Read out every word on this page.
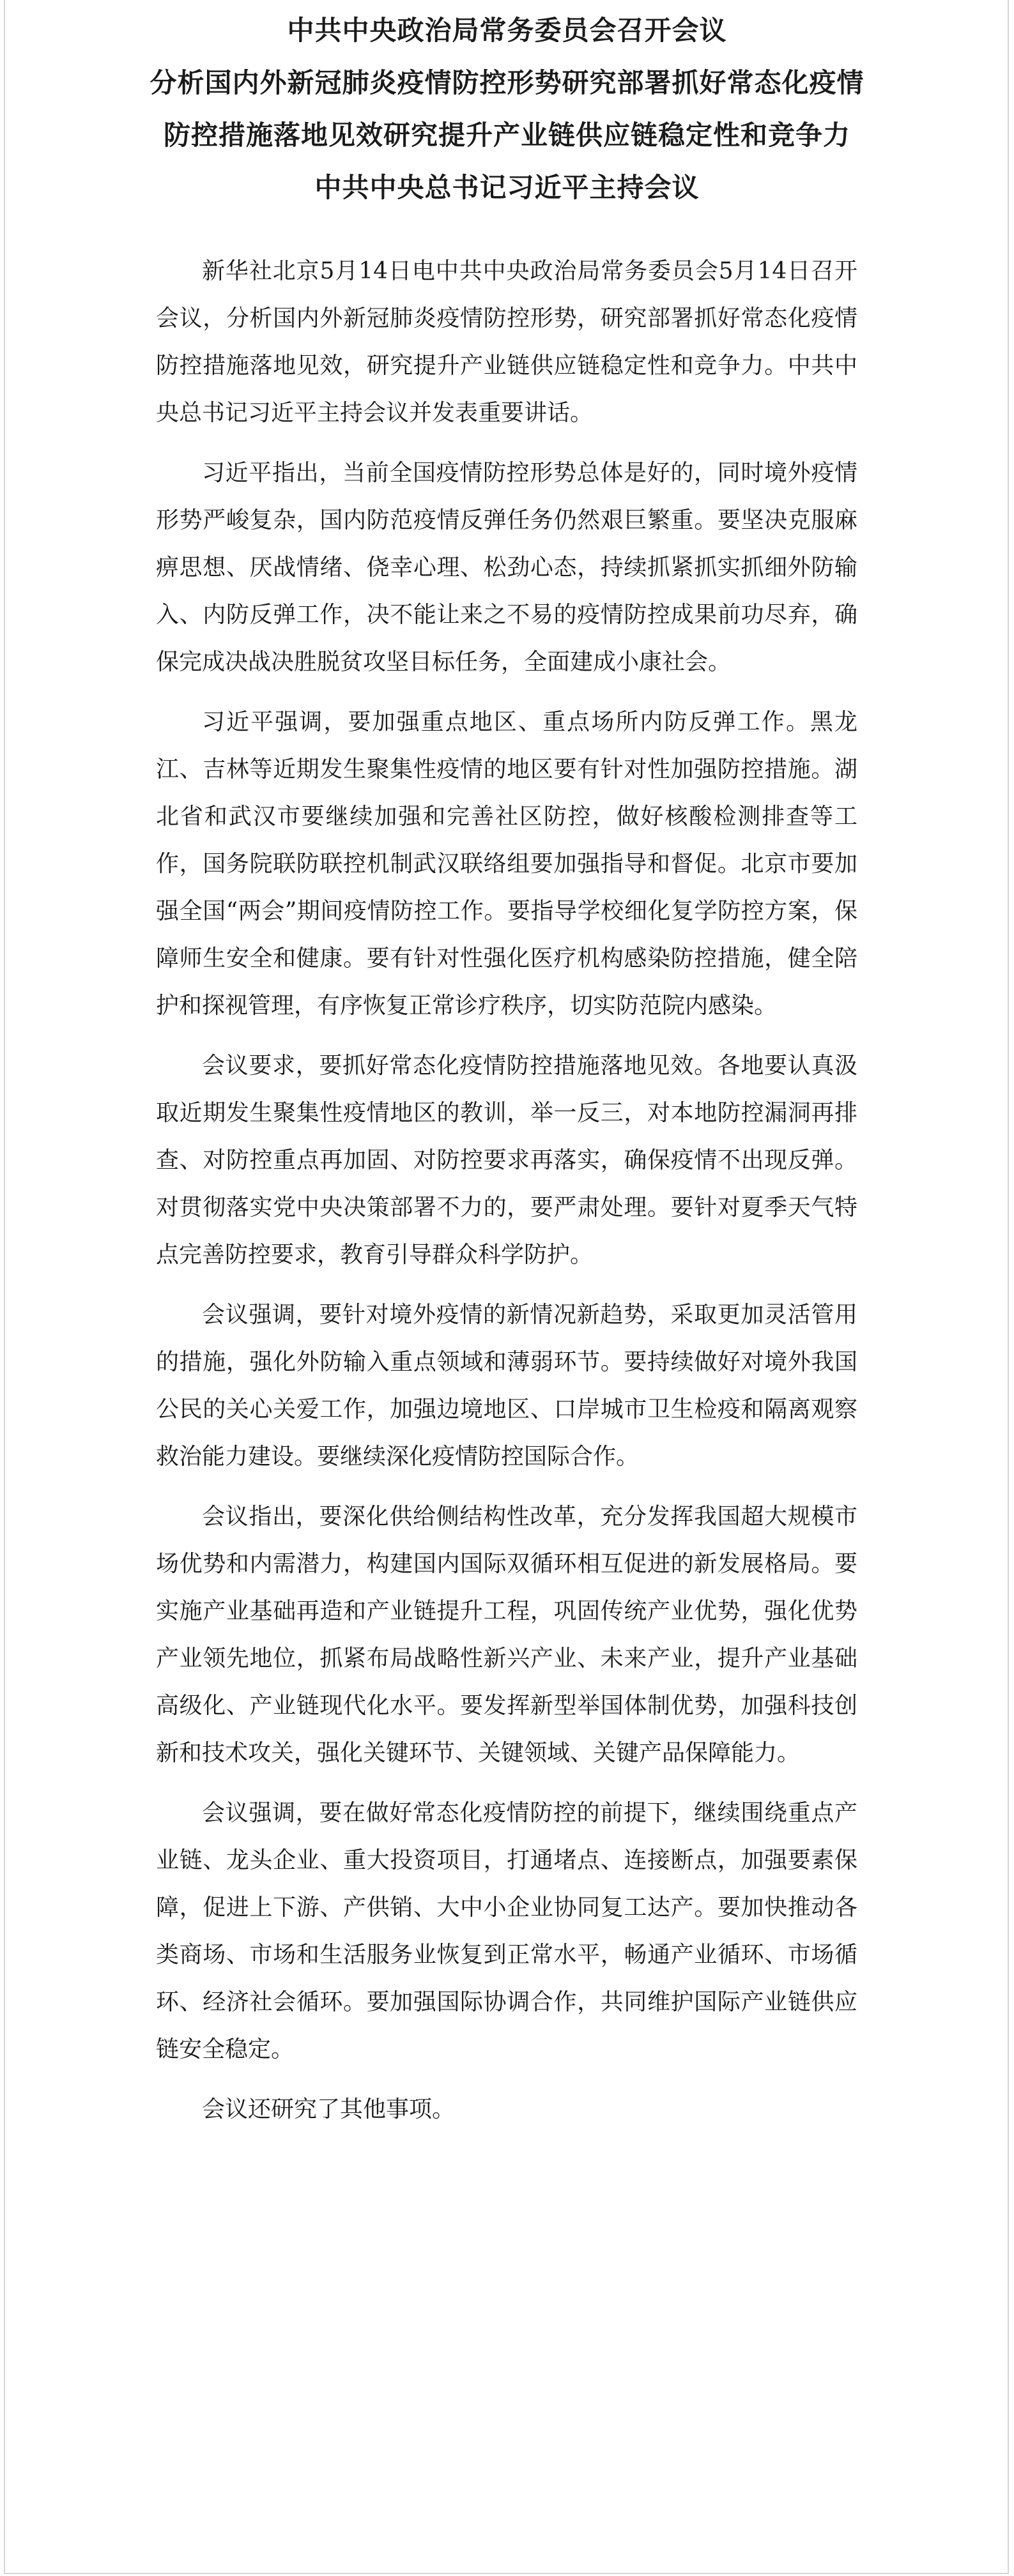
中共中央政治局常务委员会召开会议
分析国内外新冠肺炎疫情防控形势研究部署抓好常态化疫情
防控措施落地见效研究提升产业链供应链稳定性和竞争力
中共中央总书记习近平主持会议

新华社北京5月14日电中共中央政治局常务委员会5月14日召开会议，分析国内外新冠肺炎疫情防控形势，研究部署抓好常态化疫情防控措施落地见效，研究提升产业链供应链稳定性和竞争力。中共中央总书记习近平主持会议并发表重要讲话。

习近平指出，当前全国疫情防控形势总体是好的，同时境外疫情形势严峻复杂，国内防范疫情反弹任务仍然艰巨繁重。要坚决克服麻痹思想、厌战情绪、侥幸心理、松劲心态，持续抓紧抓实抓细外防输入、内防反弹工作，决不能让来之不易的疫情防控成果前功尽弃，确保完成决战决胜脱贫攻坚目标任务，全面建成小康社会。

习近平强调，要加强重点地区、重点场所内防反弹工作。黑龙江、吉林等近期发生聚集性疫情的地区要有针对性加强防控措施。湖北省和武汉市要继续加强和完善社区防控，做好核酸检测排查等工作，国务院联防联控机制武汉联络组要加强指导和督促。北京市要加强全国“两会”期间疫情防控工作。要指导学校细化复学防控方案，保障师生安全和健康。要有针对性强化医疗机构感染防控措施，健全陪护和探视管理，有序恢复正常诊疗秩序，切实防范院内感染。

会议要求，要抓好常态化疫情防控措施落地见效。各地要认真汲取近期发生聚集性疫情地区的教训，举一反三，对本地防控漏洞再排查、对防控重点再加固、对防控要求再落实，确保疫情不出现反弹。对贯彻落实党中央决策部署不力的，要严肃处理。要针对夏季天气特点完善防控要求，教育引导群众科学防护。

会议强调，要针对境外疫情的新情况新趋势，采取更加灵活管用的措施，强化外防输入重点领域和薄弱环节。要持续做好对境外我国公民的关心关爱工作，加强边境地区、口岸城市卫生检疫和隔离观察救治能力建设。要继续深化疫情防控国际合作。

会议指出，要深化供给侧结构性改革，充分发挥我国超大规模市场优势和内需潜力，构建国内国际双循环相互促进的新发展格局。要实施产业基础再造和产业链提升工程，巩固传统产业优势，强化优势产业领先地位，抓紧布局战略性新兴产业、未来产业，提升产业基础高级化、产业链现代化水平。要发挥新型举国体制优势，加强科技创新和技术攻关，强化关键环节、关键领域、关键产品保障能力。

会议强调，要在做好常态化疫情防控的前提下，继续围绕重点产业链、龙头企业、重大投资项目，打通堵点、连接断点，加强要素保障，促进上下游、产供销、大中小企业协同复工达产。要加快推动各类商场、市场和生活服务业恢复到正常水平，畅通产业循环、市场循环、经济社会循环。要加强国际协调合作，共同维护国际产业链供应链安全稳定。

会议还研究了其他事项。
